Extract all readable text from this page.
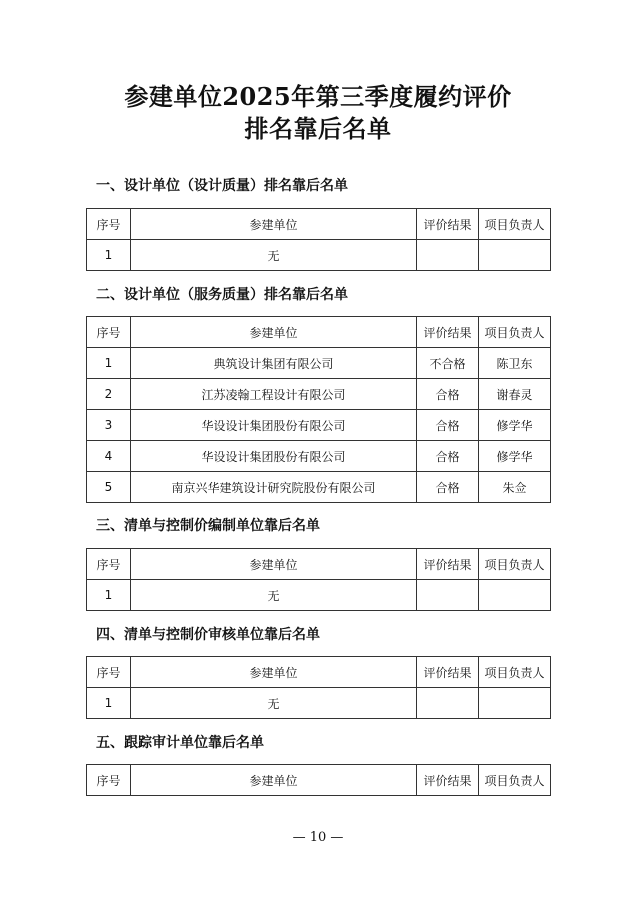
参建单位2025年第三季度履约评价
排名靠后名单
一、设计单位（设计质量）排名靠后名单
序号	参建单位	评价结果	项目负责人
1	无		
二、设计单位（服务质量）排名靠后名单
序号	参建单位	评价结果	项目负责人
1	典筑设计集团有限公司	不合格	陈卫东
2	江苏凌翰工程设计有限公司	合格	谢春灵
3	华设设计集团股份有限公司	合格	修学华
4	华设设计集团股份有限公司	合格	修学华
5	南京兴华建筑设计研究院股份有限公司	合格	朱佥
三、清单与控制价编制单位靠后名单
序号	参建单位	评价结果	项目负责人
1	无		
四、清单与控制价审核单位靠后名单
序号	参建单位	评价结果	项目负责人
1	无		
五、跟踪审计单位靠后名单
序号	参建单位	评价结果	项目负责人
— 10 —
